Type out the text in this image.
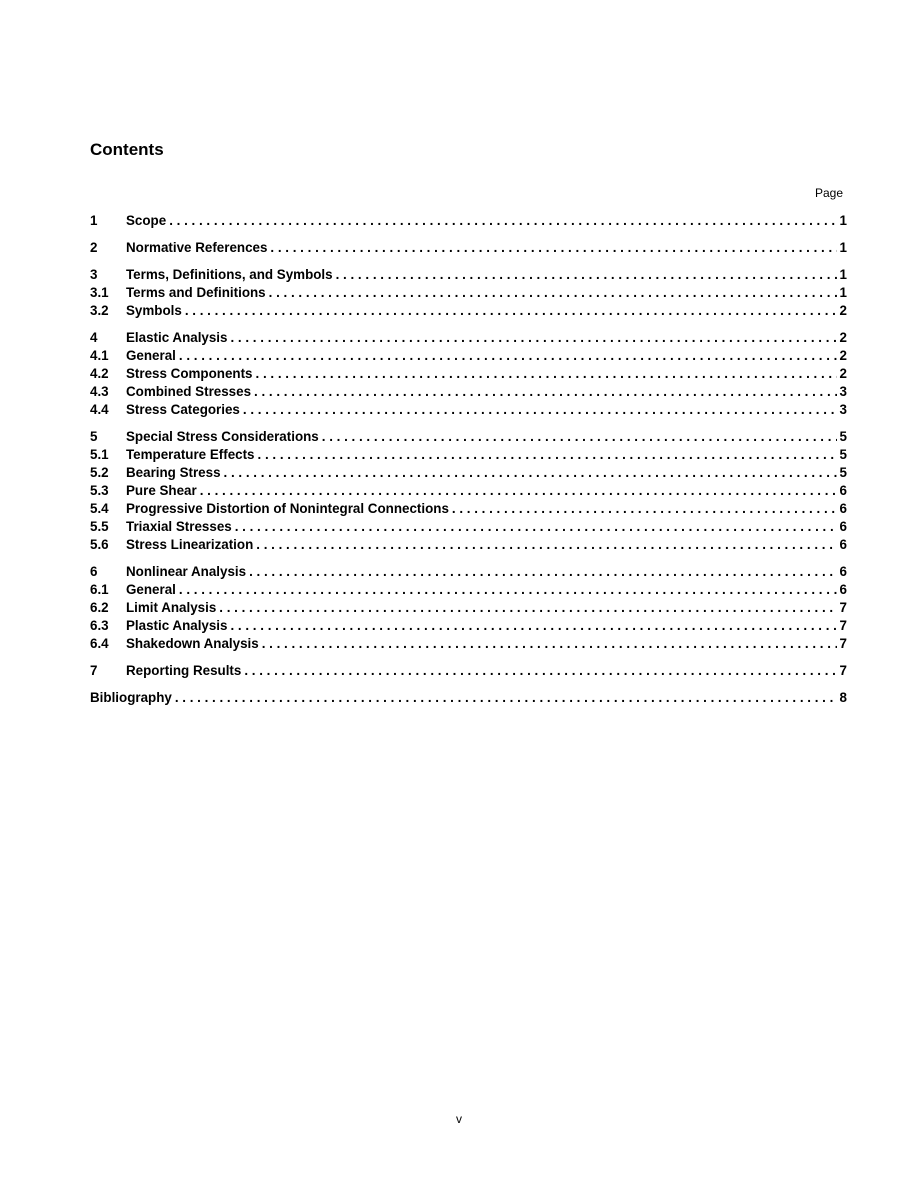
Contents
Page
1	Scope . . .	1
2	Normative References . . .	1
3	Terms, Definitions, and Symbols . . .	1
3.1	Terms and Definitions . . .	1
3.2	Symbols . . .	2
4	Elastic Analysis . . .	2
4.1	General . . .	2
4.2	Stress Components . . .	2
4.3	Combined Stresses . . .	3
4.4	Stress Categories . . .	3
5	Special Stress Considerations . . .	5
5.1	Temperature Effects . . .	5
5.2	Bearing Stress . . .	5
5.3	Pure Shear . . .	6
5.4	Progressive Distortion of Nonintegral Connections . . .	6
5.5	Triaxial Stresses . . .	6
5.6	Stress Linearization . . .	6
6	Nonlinear Analysis . . .	6
6.1	General . . .	6
6.2	Limit Analysis . . .	7
6.3	Plastic Analysis . . .	7
6.4	Shakedown Analysis . . .	7
7	Reporting Results . . .	7
Bibliography . . .	8
v
